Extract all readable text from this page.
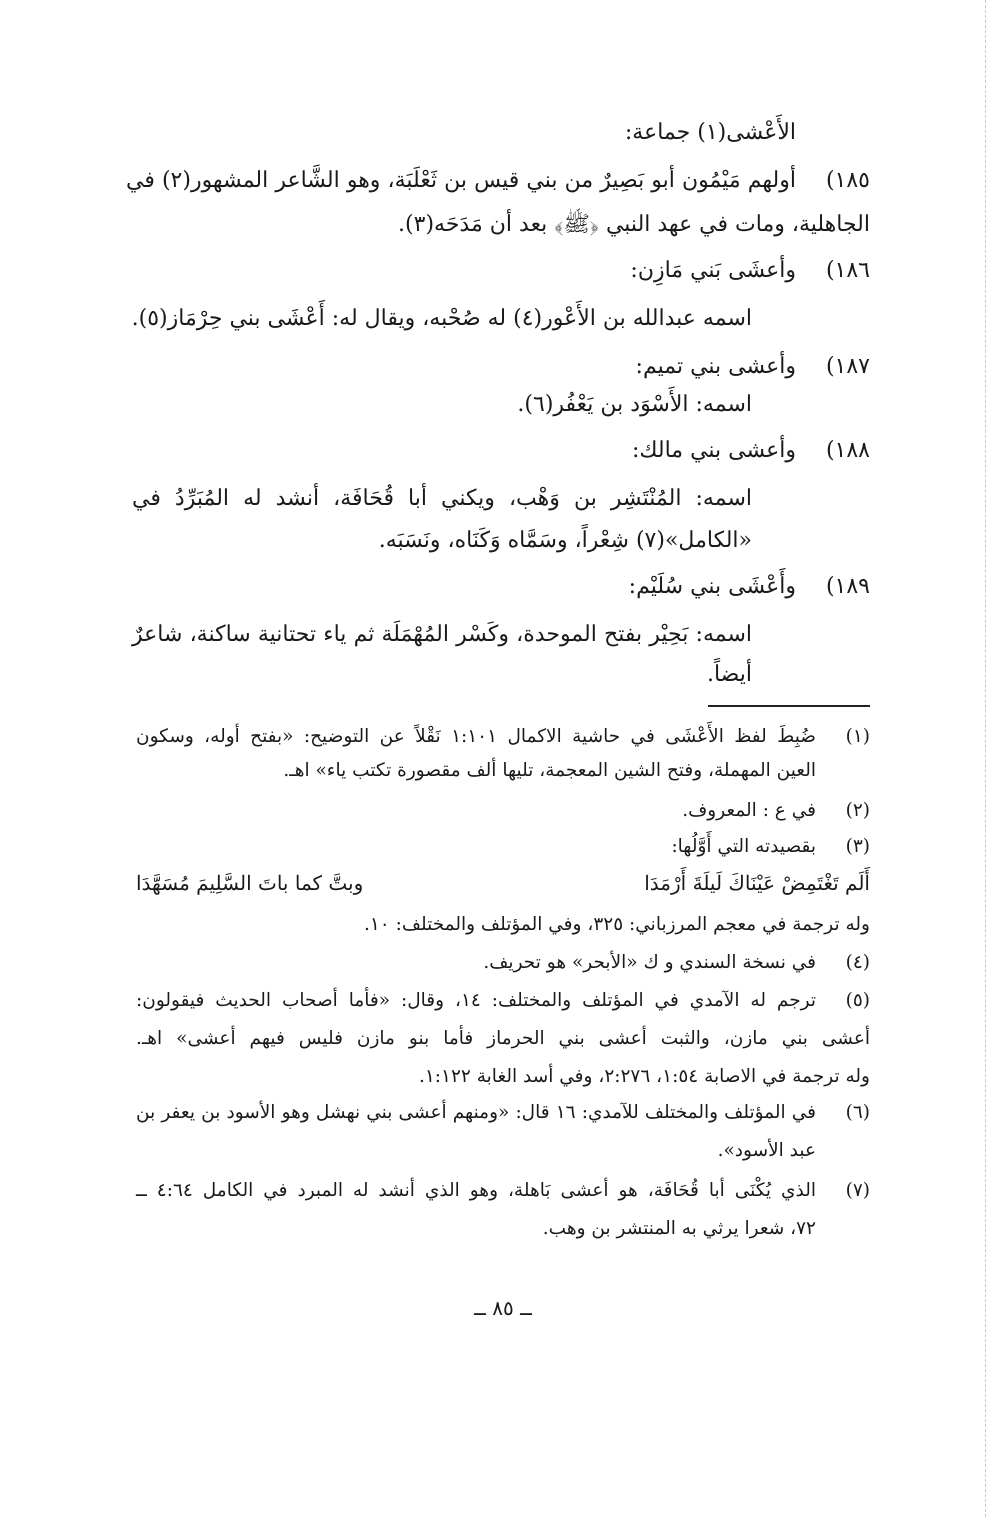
الأَعْشى(١) جماعة:
١٨٥)
أولهم مَيْمُون أبو بَصِيرٌ من بني قيس بن ثَعْلَبَة، وهو الشَّاعر المشهور(٢) في
الجاهلية، ومات في عهد النبي ﴿ﷺ﴾ بعد أن مَدَحَه(٣).
١٨٦)
وأعشَى بَني مَازِن:
اسمه عبدالله بن الأَعْور(٤) له صُحْبه، ويقال له: أَعْشَى بني حِرْمَاز(٥).
١٨٧)
وأعشى بني تميم:
اسمه: الأَسْوَد بن يَعْفُر(٦).
١٨٨)
وأعشى بني مالك:
اسمه: المُنْتَشِر بن وَهْب، ويكني أبا قُحَافَة، أنشد له المُبَرِّدُ في
«الكامل»(٧) شِعْراً، وسَمَّاه وَكَنَاه، ونَسَبَه.
١٨٩)
وأَعْشَى بني سُلَيْم:
اسمه: بَحِيْر بفتح الموحدة، وكَسْر المُهْمَلَة ثم ياء تحتانية ساكنة، شاعرٌ
أيضاً.
(١)
ضُبِطَ لفظ الأَعْشَى في حاشية الاكمال ١:١٠١ نَقْلاً عن التوضيح: «بفتح أوله، وسكون
العين المهملة، وفتح الشين المعجمة، تليها ألف مقصورة تكتب ياء» اهـ.
(٢)
في ع : المعروف.
(٣)
بقصيدته التي أَوَّلُها:
أَلَم تَغْتَمِضْ عَيْنَاكَ لَيلَةَ أَرْمَدَا
وبتَّ كما باتَ السَّلِيمَ مُسَهَّدَا
وله ترجمة في معجم المرزباني: ٣٢٥، وفي المؤتلف والمختلف: ١٠.
(٤)
في نسخة السندي و ك «الأبحر» هو تحريف.
(٥)
ترجم له الآمدي في المؤتلف والمختلف: ١٤، وقال: «فأما أصحاب الحديث فيقولون:
أعشى بني مازن، والثبت أعشى بني الحرماز فأما بنو مازن فليس فيهم أعشى» اهـ.
وله ترجمة في الاصابة ١:٥٤، ٢:٢٧٦، وفي أسد الغابة ١:١٢٢.
(٦)
في المؤتلف والمختلف للآمدي: ١٦ قال: «ومنهم أعشى بني نهشل وهو الأسود بن يعفر بن
عبد الأسود».
(٧)
الذي يُكْنَى أبا قُحَافَة، هو أعشى بَاهلة، وهو الذي أنشد له المبرد في الكامل ٤:٦٤ ــ
٧٢، شعرا يرثي به المنتشر بن وهب.
ــ ٨٥ ــ
